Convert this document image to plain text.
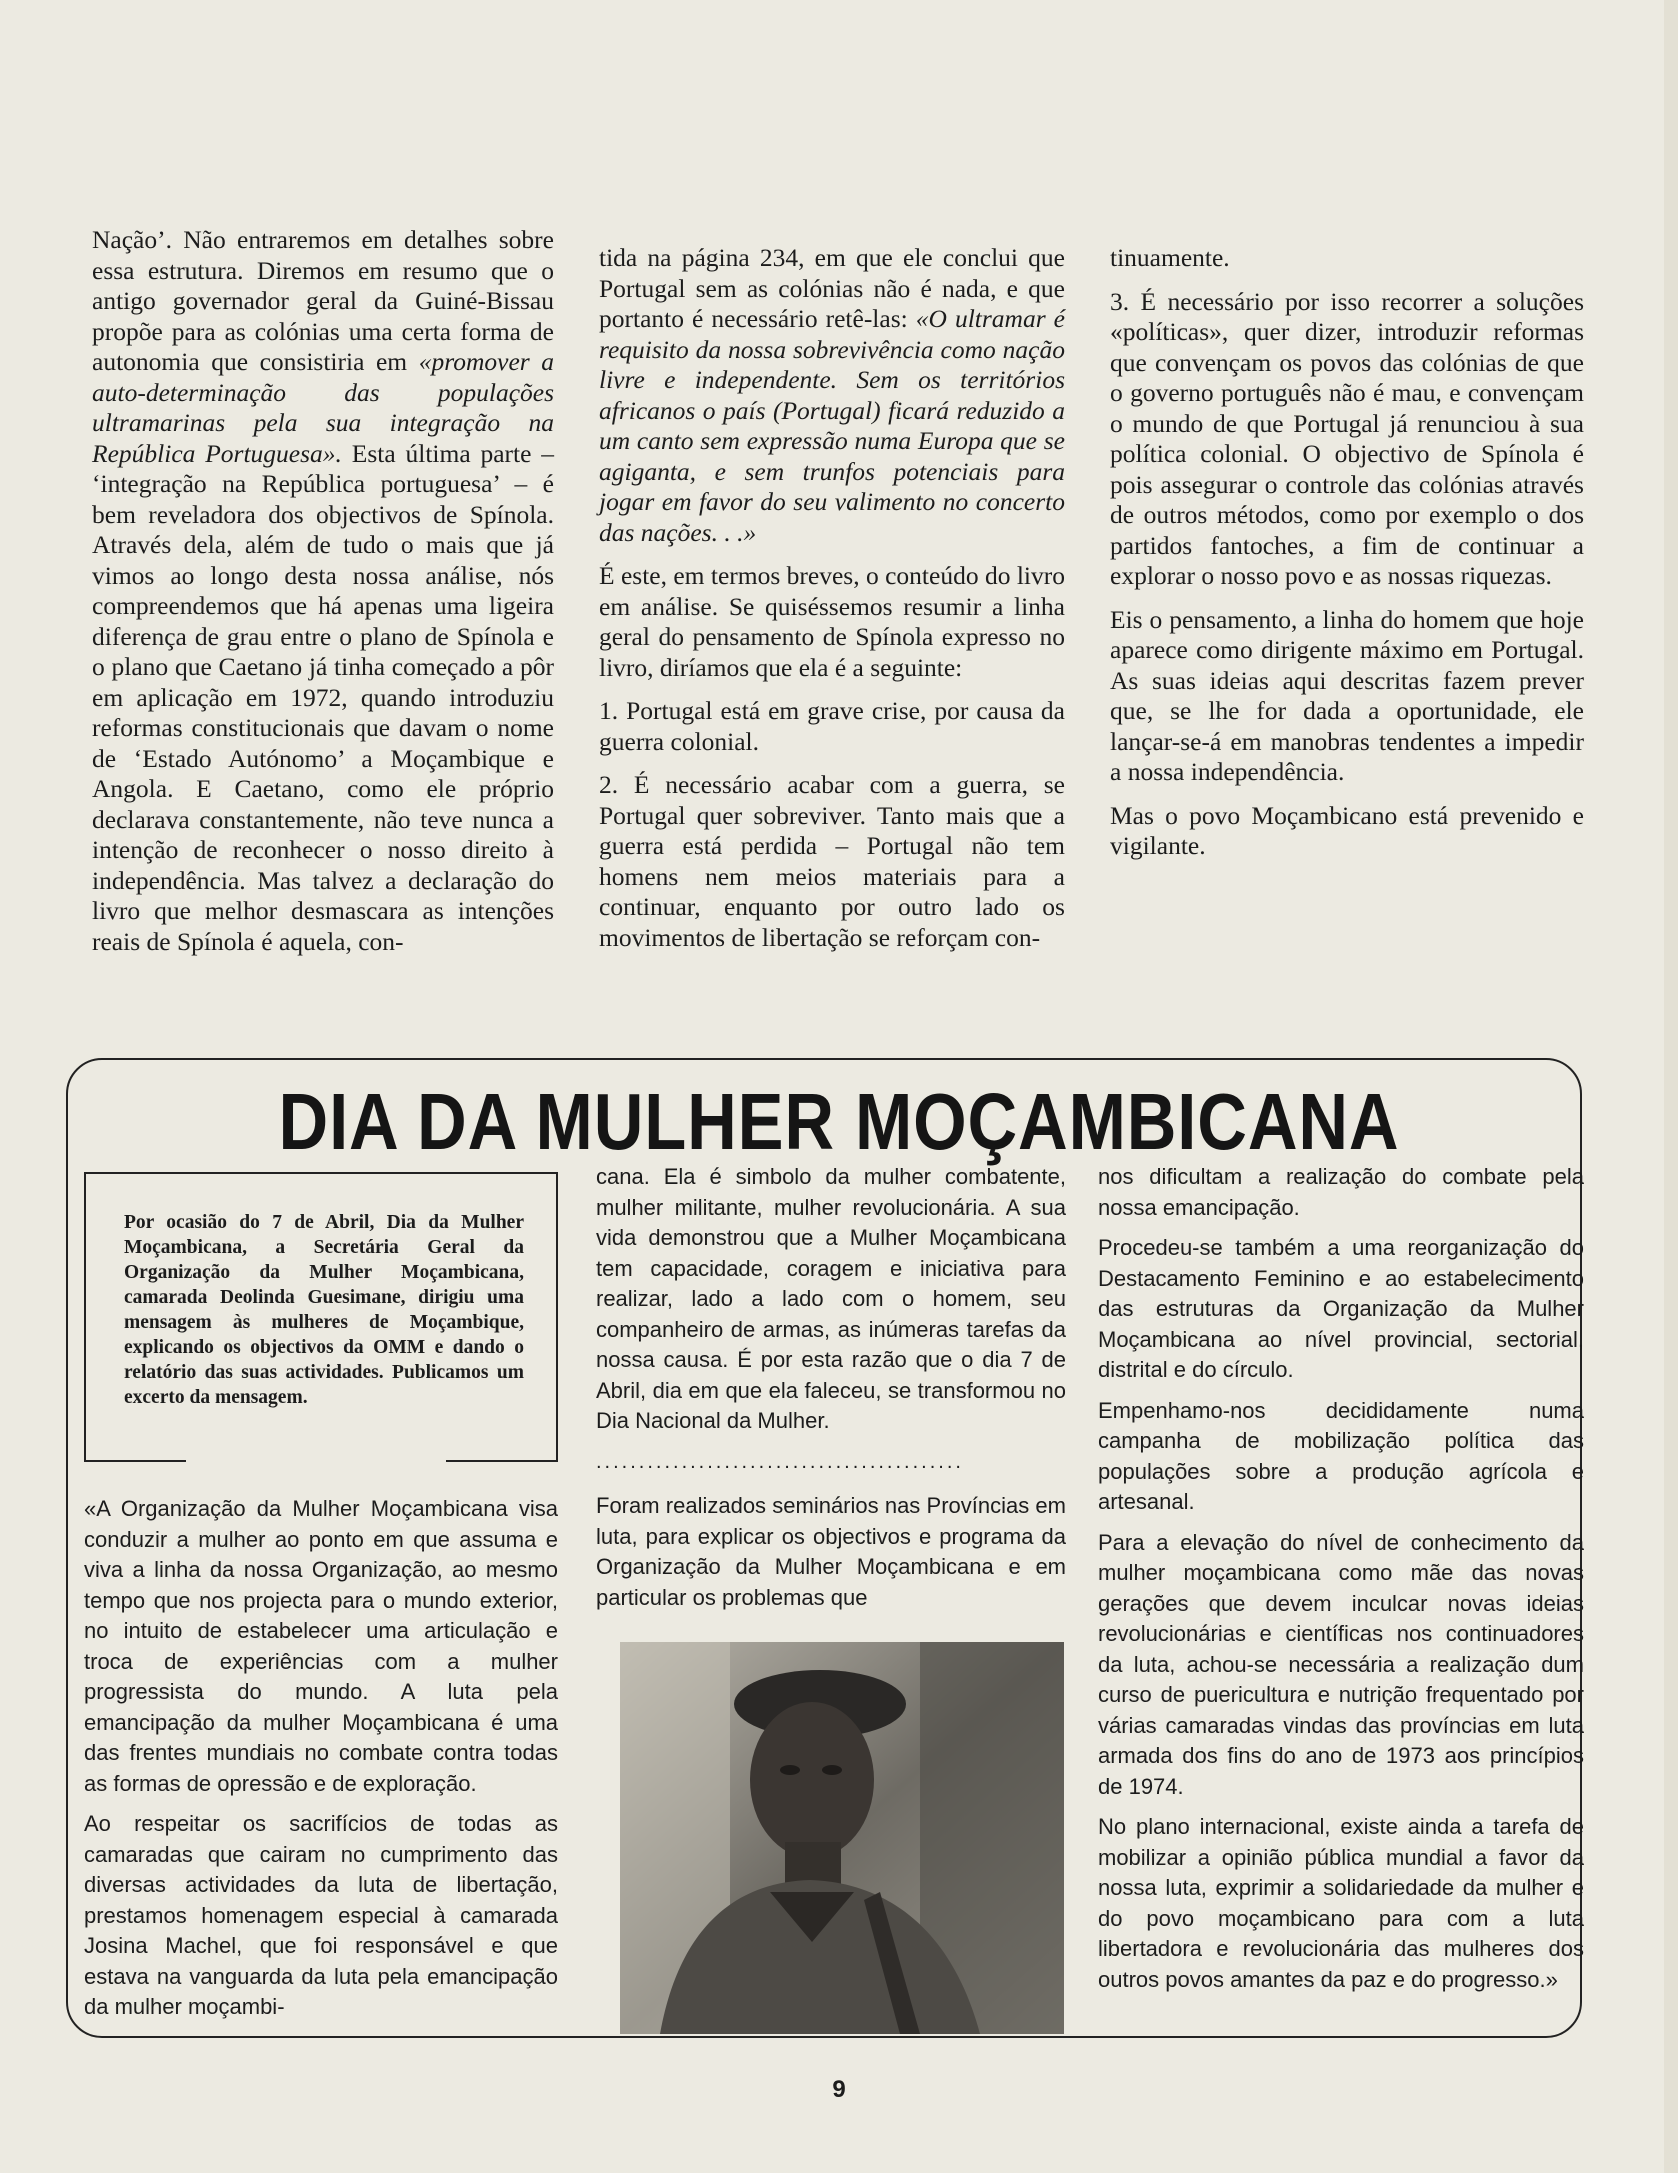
Nação’. Não entraremos em detalhes sobre essa estrutura. Diremos em resumo que o antigo governador geral da Guiné-Bissau propõe para as colónias uma certa forma de autonomia que consistiria em «promover a auto-determinação das populações ultramarinas pela sua integração na República Portuguesa». Esta última parte – ‘integração na República portuguesa’ – é bem reveladora dos objectivos de Spínola. Através dela, além de tudo o mais que já vimos ao longo desta nossa análise, nós compreendemos que há apenas uma ligeira diferença de grau entre o plano de Spínola e o plano que Caetano já tinha começado a pôr em aplicação em 1972, quando introduziu reformas constitucionais que davam o nome de ‘Estado Autónomo’ a Moçambique e Angola. E Caetano, como ele próprio declarava constantemente, não teve nunca a intenção de reconhecer o nosso direito à independência. Mas talvez a declaração do livro que melhor desmascara as intenções reais de Spínola é aquela, con-

tida na página 234, em que ele conclui que Portugal sem as colónias não é nada, e que portanto é necessário retê-las: «O ultramar é requisito da nossa sobrevivência como nação livre e independente. Sem os territórios africanos o país (Portugal) ficará reduzido a um canto sem expressão numa Europa que se agiganta, e sem trunfos potenciais para jogar em favor do seu valimento no concerto das nações. . .»

É este, em termos breves, o conteúdo do livro em análise. Se quiséssemos resumir a linha geral do pensamento de Spínola expresso no livro, diríamos que ela é a seguinte:

1. Portugal está em grave crise, por causa da guerra colonial.

2. É necessário acabar com a guerra, se Portugal quer sobreviver. Tanto mais que a guerra está perdida – Portugal não tem homens nem meios materiais para a continuar, enquanto por outro lado os movimentos de libertação se reforçam con-

tinuamente.

3. É necessário por isso recorrer a soluções «políticas», quer dizer, introduzir reformas que convençam os povos das colónias de que o governo português não é mau, e convençam o mundo de que Portugal já renunciou à sua política colonial. O objectivo de Spínola é pois assegurar o controle das colónias através de outros métodos, como por exemplo o dos partidos fantoches, a fim de continuar a explorar o nosso povo e as nossas riquezas.

Eis o pensamento, a linha do homem que hoje aparece como dirigente máximo em Portugal. As suas ideias aqui descritas fazem prever que, se lhe for dada a oportunidade, ele lançar-se-á em manobras tendentes a impedir a nossa independência.

Mas o povo Moçambicano está prevenido e vigilante.

DIA DA MULHER MOÇAMBICANA
Por ocasião do 7 de Abril, Dia da Mulher Moçambicana, a Secretária Geral da Organização da Mulher Moçambicana, camarada Deolinda Guesimane, dirigiu uma mensagem às mulheres de Moçambique, explicando os objectivos da OMM e dando o relatório das suas actividades. Publicamos um excerto da mensagem.

«A Organização da Mulher Moçambicana visa conduzir a mulher ao ponto em que assuma e viva a linha da nossa Organização, ao mesmo tempo que nos projecta para o mundo exterior, no intuito de estabelecer uma articulação e troca de experiências com a mulher progressista do mundo. A luta pela emancipação da mulher Moçambicana é uma das frentes mundiais no combate contra todas as formas de opressão e de exploração.

Ao respeitar os sacrifícios de todas as camaradas que cairam no cumprimento das diversas actividades da luta de libertação, prestamos homenagem especial à camarada Josina Machel, que foi responsável e que estava na vanguarda da luta pela emancipação da mulher moçambi-

cana. Ela é simbolo da mulher combatente, mulher militante, mulher revolucionária. A sua vida demonstrou que a Mulher Moçambicana tem capacidade, coragem e iniciativa para realizar, lado a lado com o homem, seu companheiro de armas, as inúmeras tarefas da nossa causa. É por esta razão que o dia 7 de Abril, dia em que ela faleceu, se transformou no Dia Nacional da Mulher.

...........................................

Foram realizados seminários nas Províncias em luta, para explicar os objectivos e programa da Organização da Mulher Moçambicana e em particular os problemas que

nos dificultam a realização do combate pela nossa emancipação.

Procedeu-se também a uma reorganização do Destacamento Feminino e ao estabelecimento das estruturas da Organização da Mulher Moçambicana ao nível provincial, sectorial, distrital e do círculo.

Empenhamo-nos decididamente numa campanha de mobilização política das populações sobre a produção agrícola e artesanal.

Para a elevação do nível de conhecimento da mulher moçambicana como mãe das novas gerações que devem inculcar novas ideias revolucionárias e científicas nos continuadores da luta, achou-se necessária a realização dum curso de puericultura e nutrição frequentado por várias camaradas vindas das províncias em luta armada dos fins do ano de 1973 aos princípios de 1974.

No plano internacional, existe ainda a tarefa de mobilizar a opinião pública mundial a favor da nossa luta, exprimir a solidariedade da mulher e do povo moçambicano para com a luta libertadora e revolucionária das mulheres dos outros povos amantes da paz e do progresso.»

9
